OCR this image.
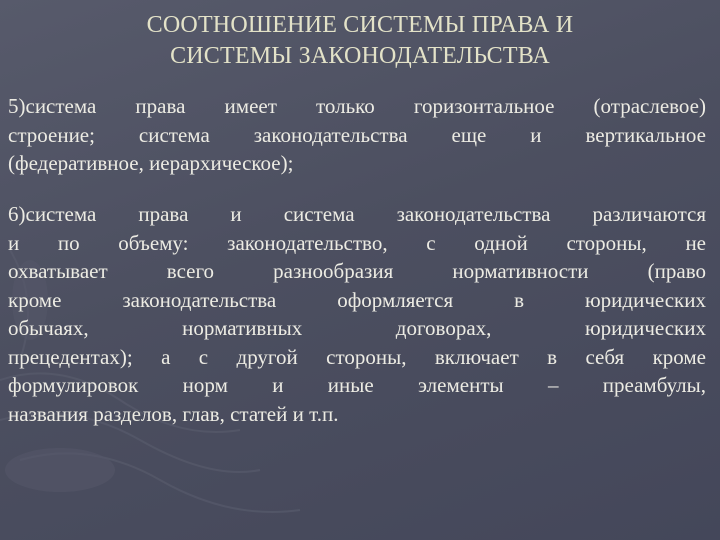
СООТНОШЕНИЕ СИСТЕМЫ ПРАВА И
СИСТЕМЫ ЗАКОНОДАТЕЛЬСТВА
5)система права имеет только горизонтальное (отраслевое)
строение; система законодательства еще и вертикальное
(федеративное, иерархическое);
6)система права и система законодательства различаются
и по объему: законодательство, с одной стороны, не
охватывает всего разнообразия нормативности (право
кроме законодательства оформляется в юридических
обычаях, нормативных договорах, юридических
прецедентах); а с другой стороны, включает в себя кроме
формулировок норм и иные элементы – преамбулы,
названия разделов, глав, статей и т.п.
